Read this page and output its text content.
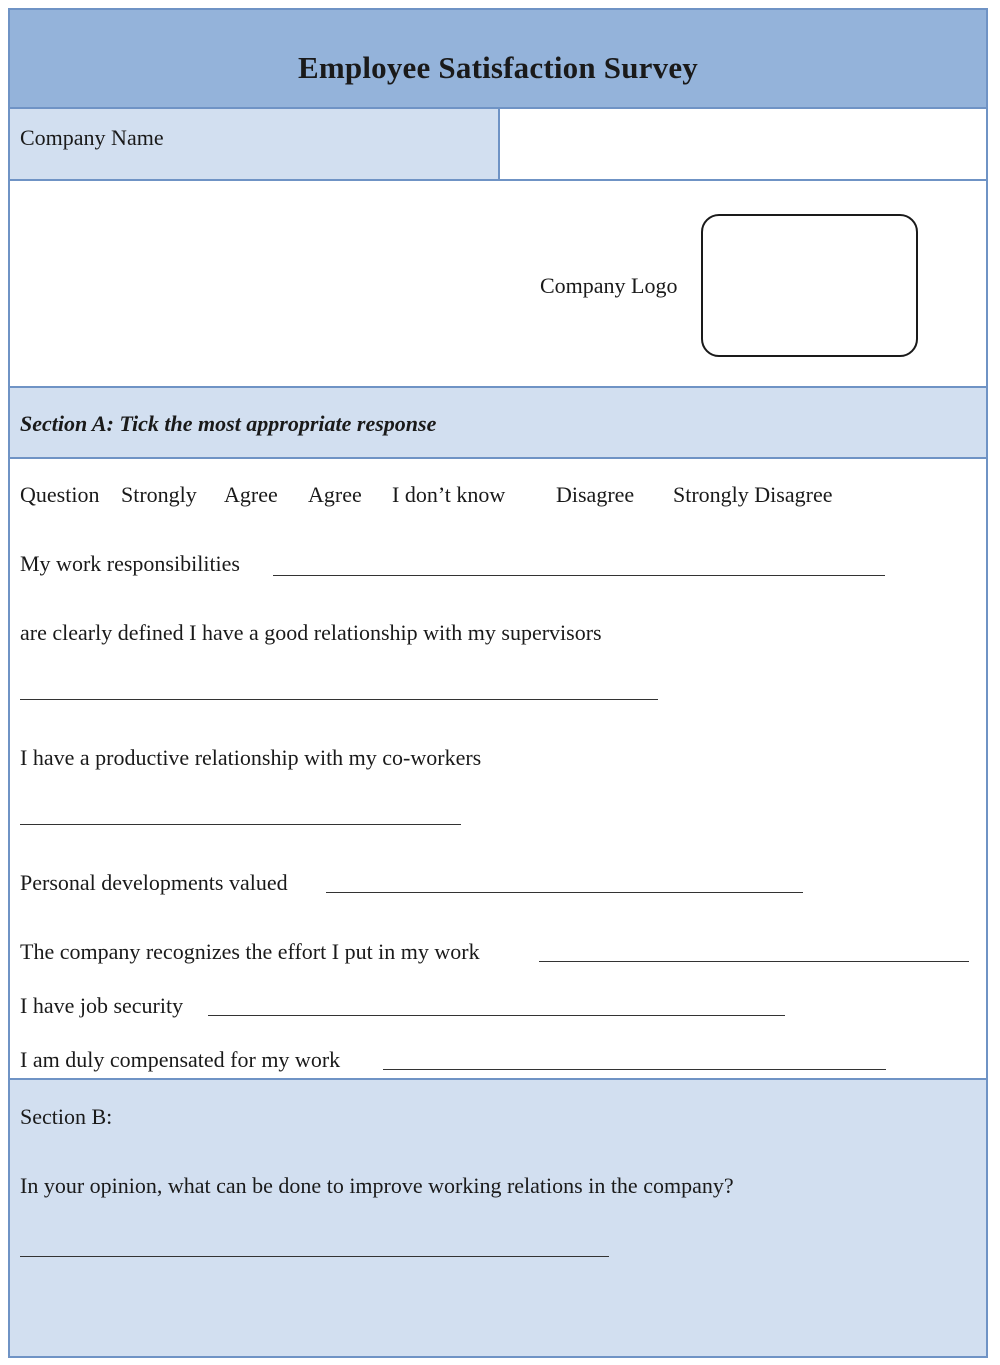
Employee Satisfaction Survey
Company Name
Company Logo
Section A: Tick the most appropriate response
Question Strongly Agree Agree I don’t know Disagree Strongly Disagree
My work responsibilities
are clearly defined I have a good relationship with my supervisors
I have a productive relationship with my co-workers
Personal developments valued
The company recognizes the effort I put in my work
I have job security
I am duly compensated for my work
Section B:
In your opinion, what can be done to improve working relations in the company?
